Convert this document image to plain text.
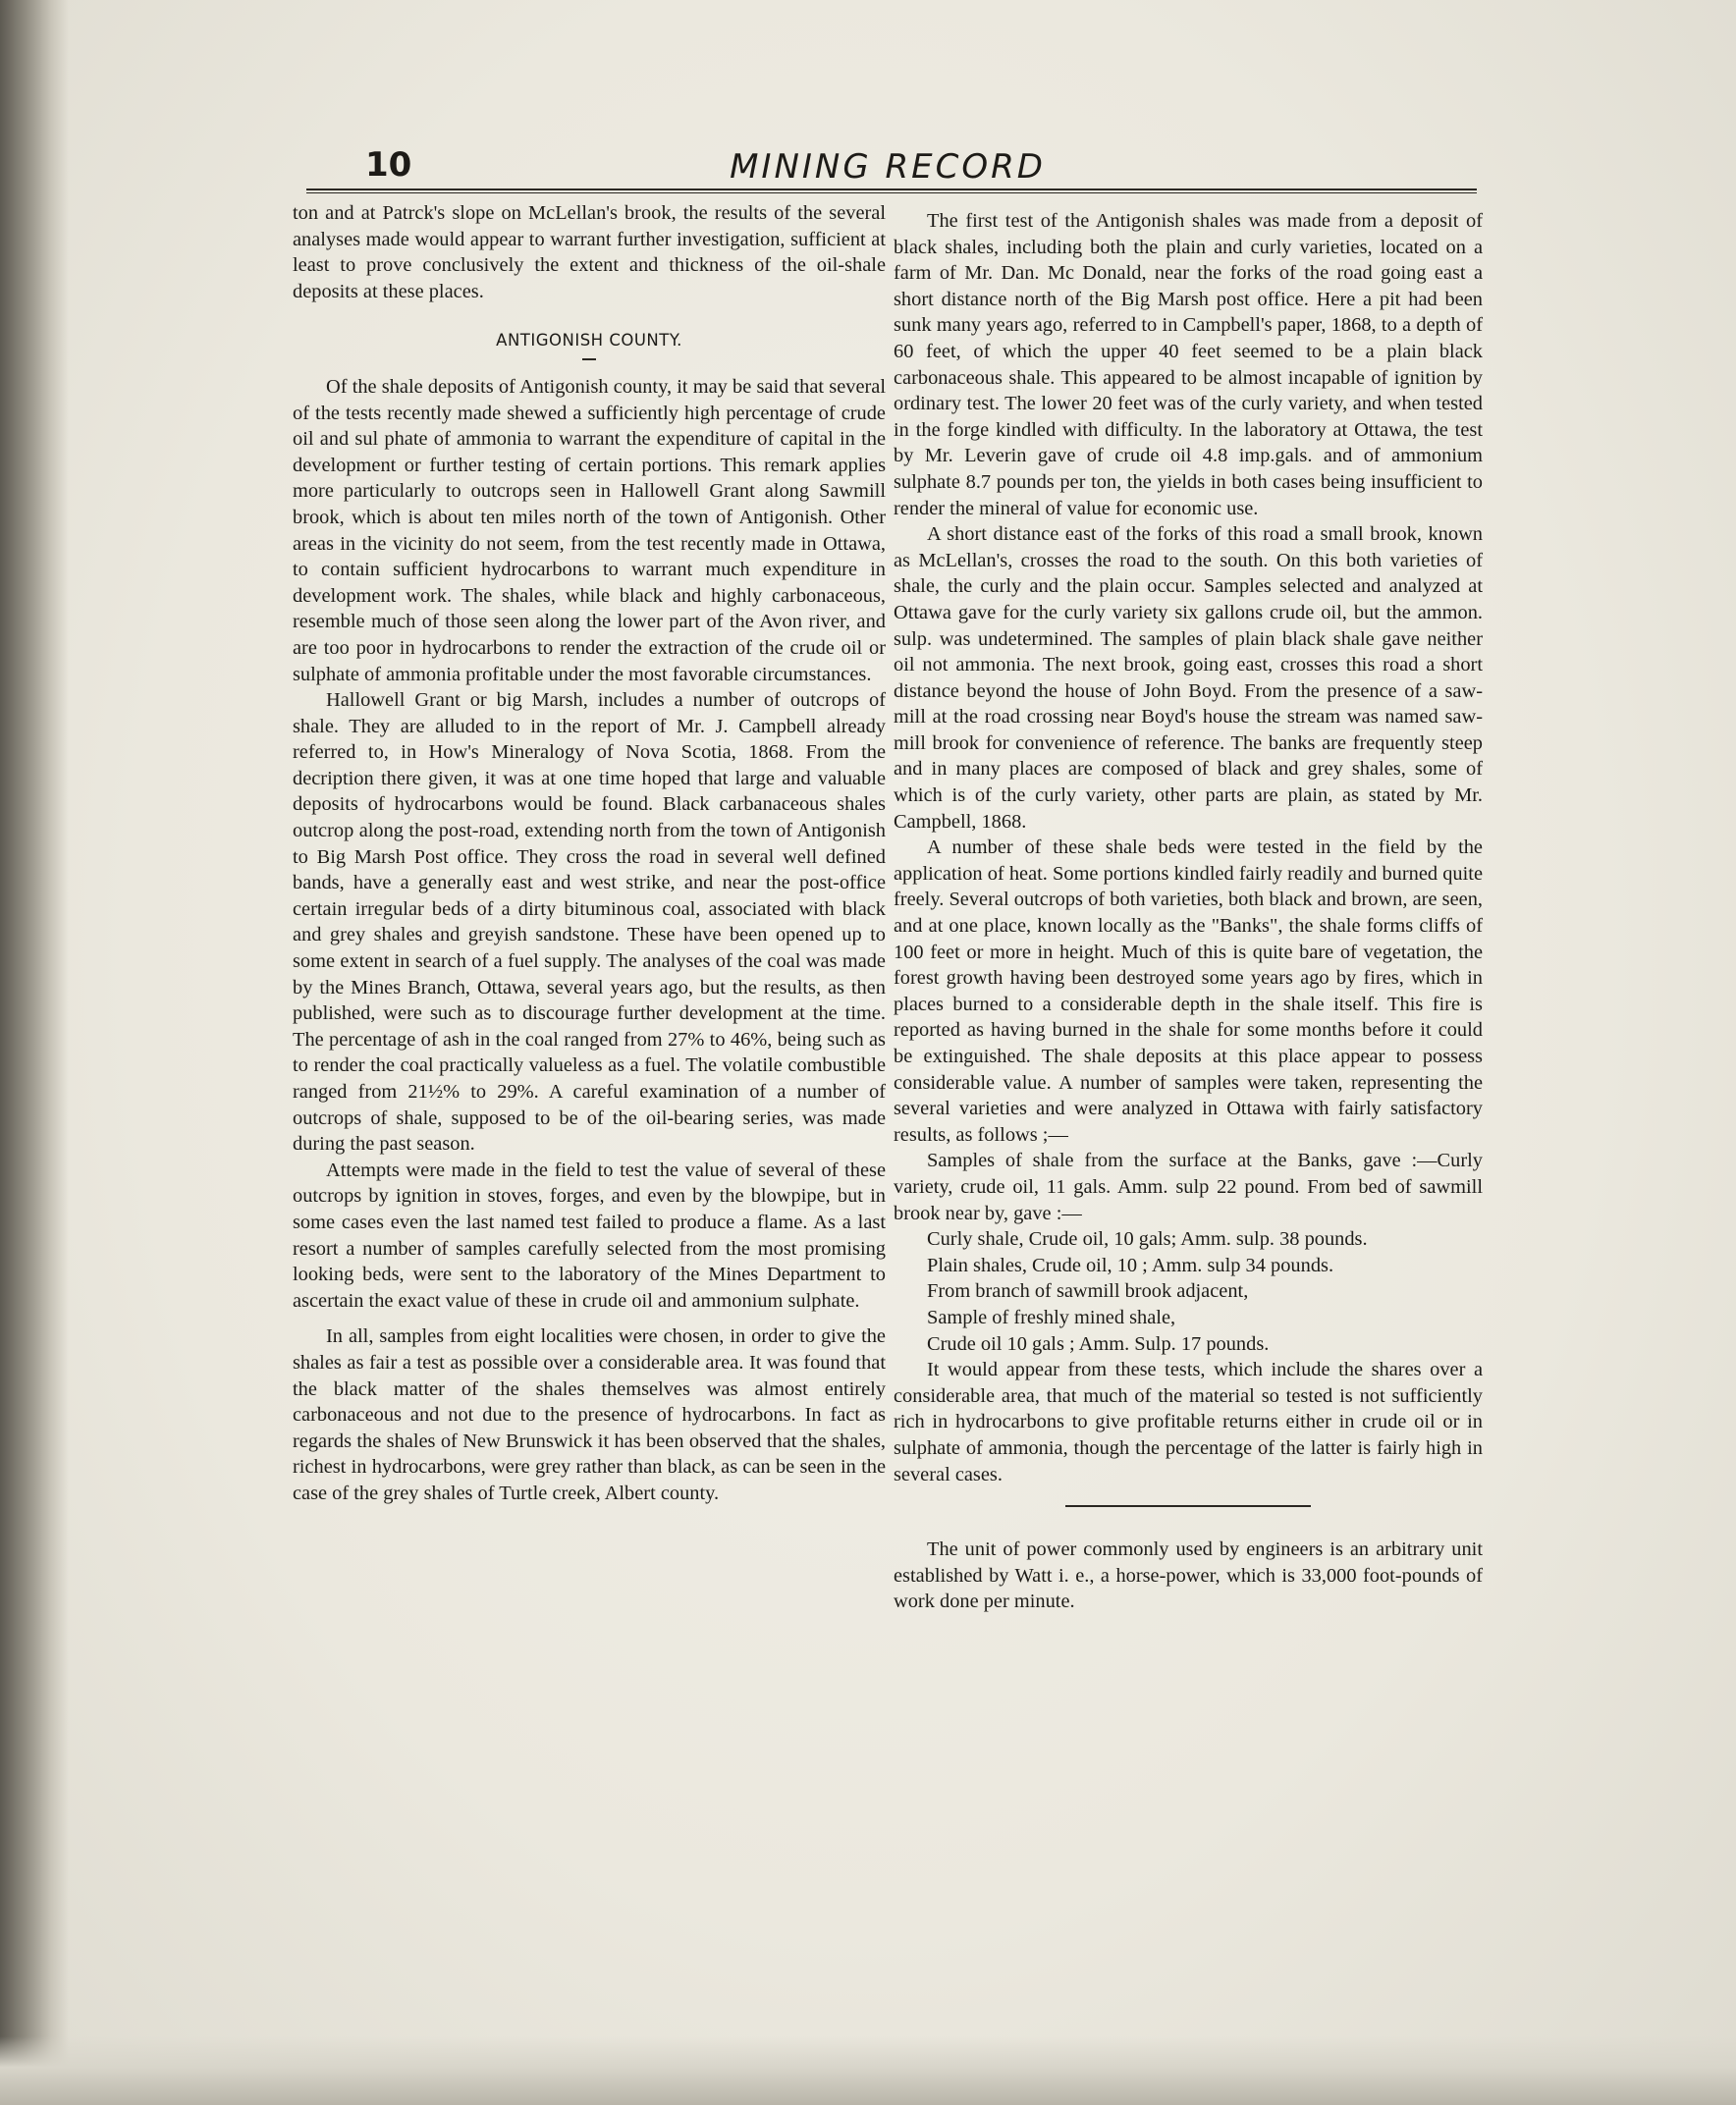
10	MINING RECORD

ton and at Patrck's slope on McLellan's brook, the results of the several analyses made would appear to warrant further investigation, sufficient at least to prove conclusively the extent and thickness of the oil-shale deposits at these places.

ANTIGONISH COUNTY.

Of the shale deposits of Antigonish county, it may be said that several of the tests recently made shewed a sufficiently high percentage of crude oil and sul phate of ammonia to warrant the expenditure of capital in the development or further testing of certain portions. This remark applies more particularly to outcrops seen in Hallowell Grant along Sawmill brook, which is about ten miles north of the town of Antigonish. Other areas in the vicinity do not seem, from the test recently made in Ottawa, to contain sufficient hydrocarbons to warrant much expenditure in development work. The shales, while black and highly carbonaceous, resemble much of those seen along the lower part of the Avon river, and are too poor in hydrocarbons to render the extraction of the crude oil or sulphate of ammonia profitable under the most favorable circumstances.

Hallowell Grant or big Marsh, includes a number of outcrops of shale. They are alluded to in the report of Mr. J. Campbell already referred to, in How's Mineralogy of Nova Scotia, 1868. From the decription there given, it was at one time hoped that large and valuable deposits of hydrocarbons would be found. Black carbanaceous shales outcrop along the post-road, extending north from the town of Antigonish to Big Marsh Post office. They cross the road in several well defined bands, have a generally east and west strike, and near the post-office certain irregular beds of a dirty bituminous coal, associated with black and grey shales and greyish sandstone. These have been opened up to some extent in search of a fuel supply. The analyses of the coal was made by the Mines Branch, Ottawa, several years ago, but the results, as then published, were such as to discourage further development at the time. The percentage of ash in the coal ranged from 27% to 46%, being such as to render the coal practically valueless as a fuel. The volatile combustible ranged from 21½% to 29%. A careful examination of a number of outcrops of shale, supposed to be of the oil-bearing series, was made during the past season.

Attempts were made in the field to test the value of several of these outcrops by ignition in stoves, forges, and even by the blowpipe, but in some cases even the last named test failed to produce a flame. As a last resort a number of samples carefully selected from the most promising looking beds, were sent to the laboratory of the Mines Department to ascertain the exact value of these in crude oil and ammonium sulphate.

In all, samples from eight localities were chosen, in order to give the shales as fair a test as possible over a considerable area. It was found that the black matter of the shales themselves was almost entirely carbonaceous and not due to the presence of hydrocarbons. In fact as regards the shales of New Brunswick it has been observed that the shales, richest in hydrocarbons, were grey rather than black, as can be seen in the case of the grey shales of Turtle creek, Albert county.

The first test of the Antigonish shales was made from a deposit of black shales, including both the plain and curly varieties, located on a farm of Mr. Dan. Mc Donald, near the forks of the road going east a short distance north of the Big Marsh post office. Here a pit had been sunk many years ago, referred to in Campbell's paper, 1868, to a depth of 60 feet, of which the upper 40 feet seemed to be a plain black carbonaceous shale. This appeared to be almost incapable of ignition by ordinary test. The lower 20 feet was of the curly variety, and when tested in the forge kindled with difficulty. In the laboratory at Ottawa, the test by Mr. Leverin gave of crude oil 4.8 imp.gals. and of ammonium sulphate 8.7 pounds per ton, the yields in both cases being insufficient to render the mineral of value for economic use.

A short distance east of the forks of this road a small brook, known as McLellan's, crosses the road to the south. On this both varieties of shale, the curly and the plain occur. Samples selected and analyzed at Ottawa gave for the curly variety six gallons crude oil, but the ammon. sulp. was undetermined. The samples of plain black shale gave neither oil not ammonia. The next brook, going east, crosses this road a short distance beyond the house of John Boyd. From the presence of a saw-mill at the road crossing near Boyd's house the stream was named saw-mill brook for convenience of reference. The banks are frequently steep and in many places are composed of black and grey shales, some of which is of the curly variety, other parts are plain, as stated by Mr. Campbell, 1868.

A number of these shale beds were tested in the field by the application of heat. Some portions kindled fairly readily and burned quite freely. Several outcrops of both varieties, both black and brown, are seen, and at one place, known locally as the "Banks", the shale forms cliffs of 100 feet or more in height. Much of this is quite bare of vegetation, the forest growth having been destroyed some years ago by fires, which in places burned to a considerable depth in the shale itself. This fire is reported as having burned in the shale for some months before it could be extinguished. The shale deposits at this place appear to possess considerable value. A number of samples were taken, representing the several varieties and were analyzed in Ottawa with fairly satisfactory results, as follows ;—

Samples of shale from the surface at the Banks, gave :—Curly variety, crude oil, 11 gals. Amm. sulp 22 pound. From bed of sawmill brook near by, gave :—

Curly shale, Crude oil, 10 gals; Amm. sulp. 38 pounds.

Plain shales, Crude oil, 10 ; Amm. sulp 34 pounds.

From branch of sawmill brook adjacent,

Sample of freshly mined shale,

Crude oil 10 gals ; Amm. Sulp. 17 pounds.

It would appear from these tests, which include the shares over a considerable area, that much of the material so tested is not sufficiently rich in hydrocarbons to give profitable returns either in crude oil or in sulphate of ammonia, though the percentage of the latter is fairly high in several cases.

The unit of power commonly used by engineers is an arbitrary unit established by Watt i. e., a horse-power, which is 33,000 foot-pounds of work done per minute.
